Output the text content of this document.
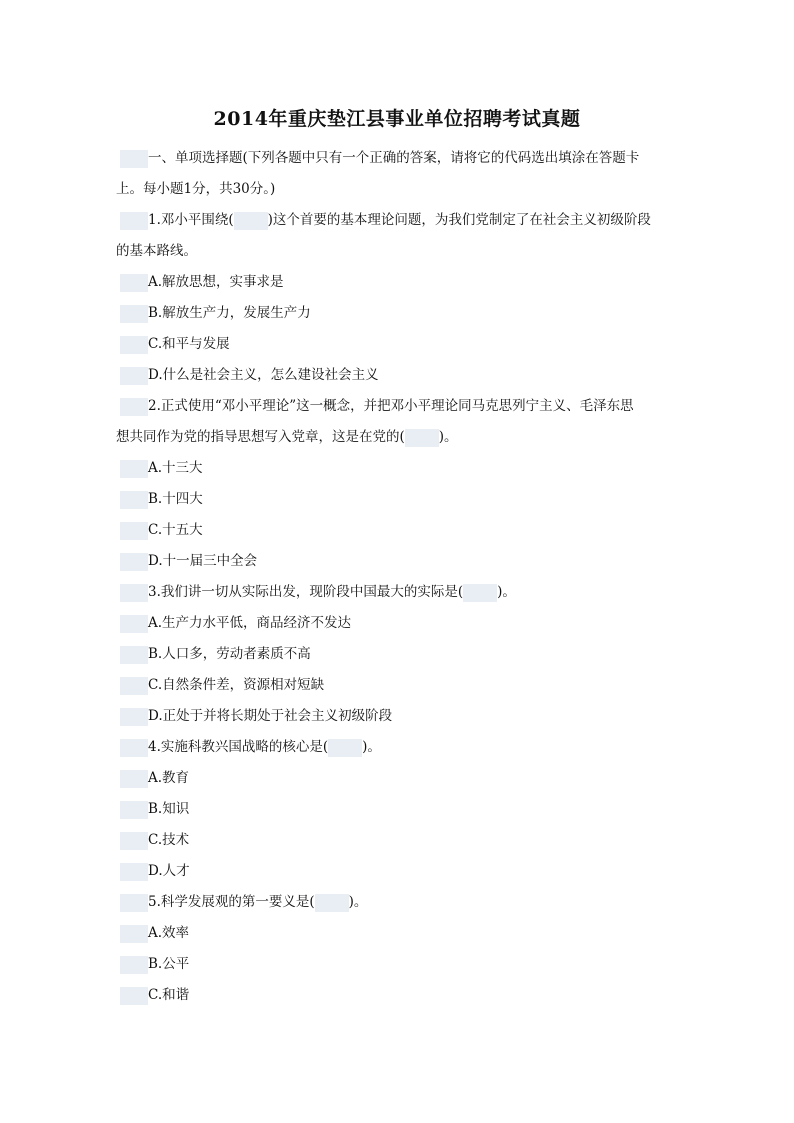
2014年重庆垫江县事业单位招聘考试真题
一、单项选择题(下列各题中只有一个正确的答案，请将它的代码选出填涂在答题卡
上。每小题1分，共30分。)
1.邓小平围绕(	)这个首要的基本理论问题，为我们党制定了在社会主义初级阶段
的基本路线。
A.解放思想，实事求是
B.解放生产力，发展生产力
C.和平与发展
D.什么是社会主义，怎么建设社会主义
2.正式使用“邓小平理论”这一概念，并把邓小平理论同马克思列宁主义、毛泽东思
想共同作为党的指导思想写入党章，这是在党的(	)。
A.十三大
B.十四大
C.十五大
D.十一届三中全会
3.我们讲一切从实际出发，现阶段中国最大的实际是(	)。
A.生产力水平低，商品经济不发达
B.人口多，劳动者素质不高
C.自然条件差，资源相对短缺
D.正处于并将长期处于社会主义初级阶段
4.实施科教兴国战略的核心是(	)。
A.教育
B.知识
C.技术
D.人才
5.科学发展观的第一要义是(	)。
A.效率
B.公平
C.和谐
